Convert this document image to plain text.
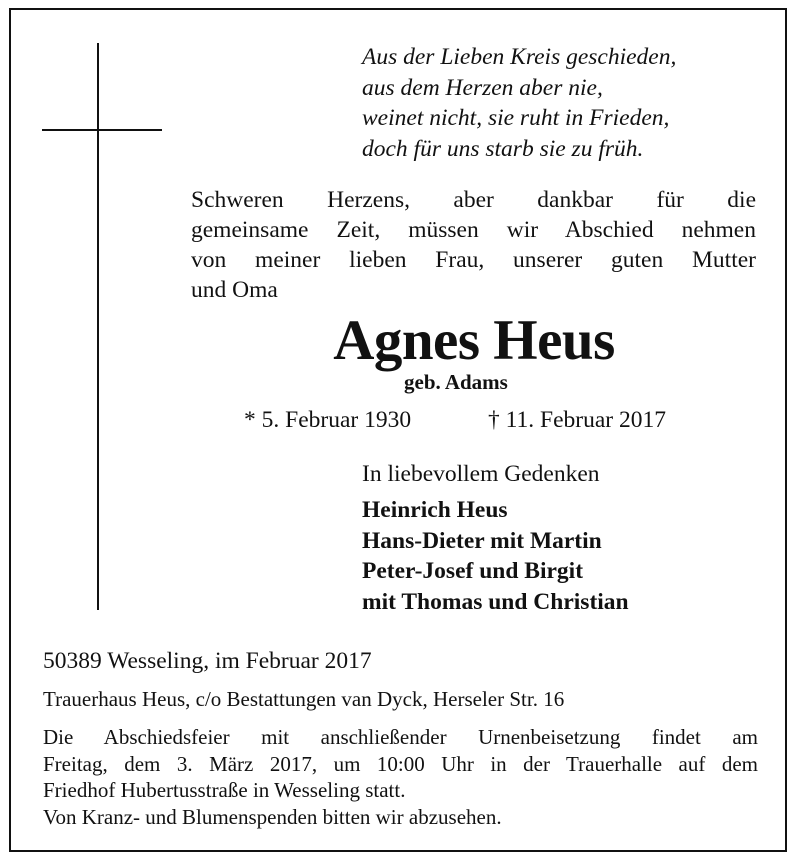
Aus der Lieben Kreis geschieden,
aus dem Herzen aber nie,
weinet nicht, sie ruht in Frieden,
doch für uns starb sie zu früh.
Schweren Herzens, aber dankbar für die
gemeinsame Zeit, müssen wir Abschied nehmen
von meiner lieben Frau, unserer guten Mutter
und Oma
Agnes Heus
geb. Adams
* 5. Februar 1930	† 11. Februar 2017
In liebevollem Gedenken
Heinrich Heus
Hans-Dieter mit Martin
Peter-Josef und Birgit
mit Thomas und Christian
50389 Wesseling, im Februar 2017
Trauerhaus Heus, c/o Bestattungen van Dyck, Herseler Str. 16
Die Abschiedsfeier mit anschließender Urnenbeisetzung findet am
Freitag, dem 3. März 2017, um 10:00 Uhr in der Trauerhalle auf dem
Friedhof Hubertusstraße in Wesseling statt.
Von Kranz- und Blumenspenden bitten wir abzusehen.
